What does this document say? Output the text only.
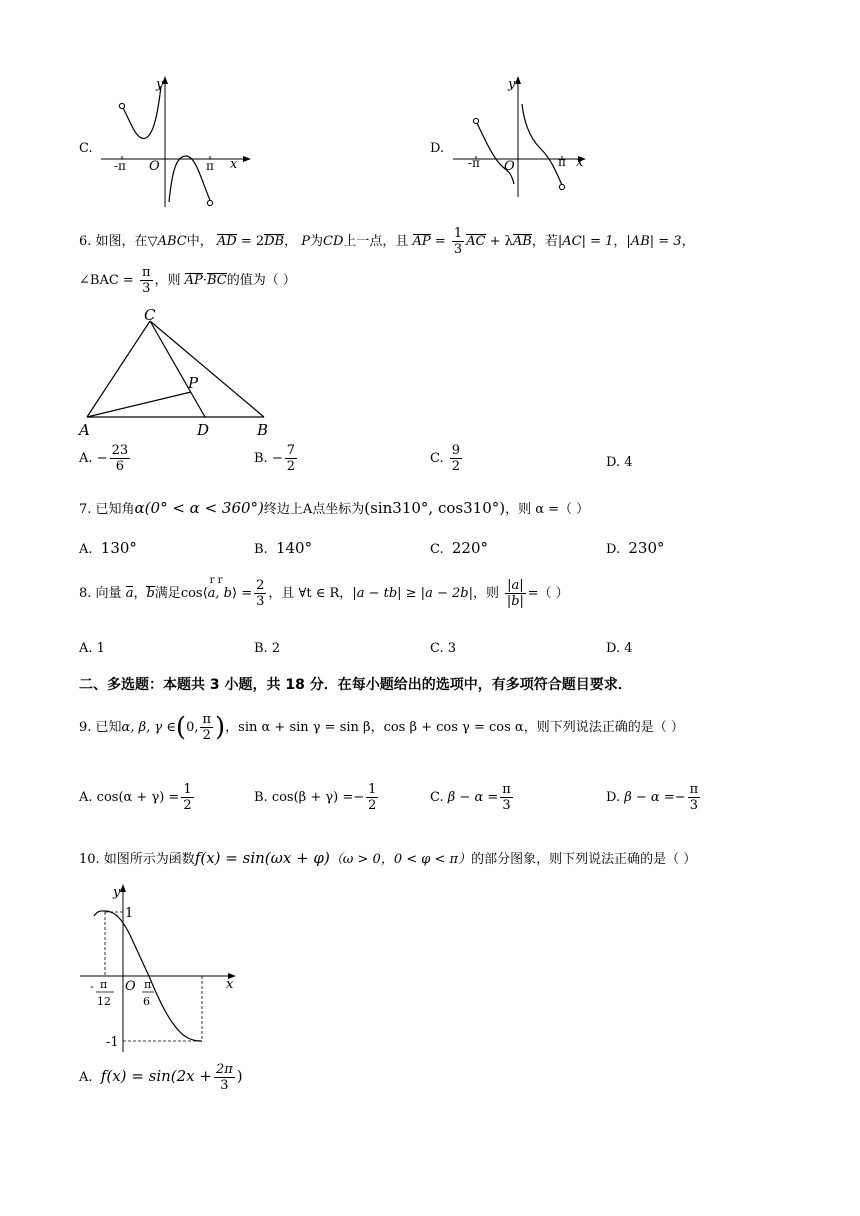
C.
y
x
O
-π	π
D.
y
x
O
-π	π
6. 如图，在▽ABC中， AD = 2DB， P为CD上一点，且 AP = $\frac{1}{3}$ AC + λAB，若|AC| = 1，|AB| = 3，
∠BAC = $\frac{\pi}{3}$ ，则 AP·BC的值为（ ）
C
P
A	D	B
A. − $\frac{23}{6}$	B. − $\frac{7}{2}$	C. $\frac{9}{2}$	D. 4
7. 已知角α(0° < α < 360°)终边上A点坐标为(sin310°, cos310°)，则 α =（ ）
A. 130°	B. 140°	C. 220°	D. 230°
8. 向量 a，b满足cos⟨a, b
r r
⟩ = $\frac{2}{3}$ ，且 ∀t ∈ R，|a − tb| ≥ |a − 2b|，则 $\frac{|a|}{|b|}$ =（ ）
A. 1	B. 2	C. 3	D. 4
二、多选题：本题共 3 小题，共 18 分．在每小题给出的选项中，有多项符合题目要求．
9. 已知α, β, γ ∈(0, $\frac{\pi}{2}$ )，sin α + sin γ = sin β，cos β + cos γ = cos α，则下列说法正确的是（ ）
A. $\cos(\alpha + \gamma) = \frac{1}{2}$	B. $\cos(\beta + \gamma) =- \frac{1}{2}$	C. $\beta - \alpha = \frac{\pi}{3}$	D. $\beta - \alpha =- \frac{\pi}{3}$
10. 如图所示为函数f(x) = sin(ωx + φ)（ω > 0，0 < φ < π）的部分图象，则下列说法正确的是（ ）
y
x
O
1
-1
- π
12
π
6
A. $f(x) = \sin(2x + \frac{2\pi}{3}$ )
